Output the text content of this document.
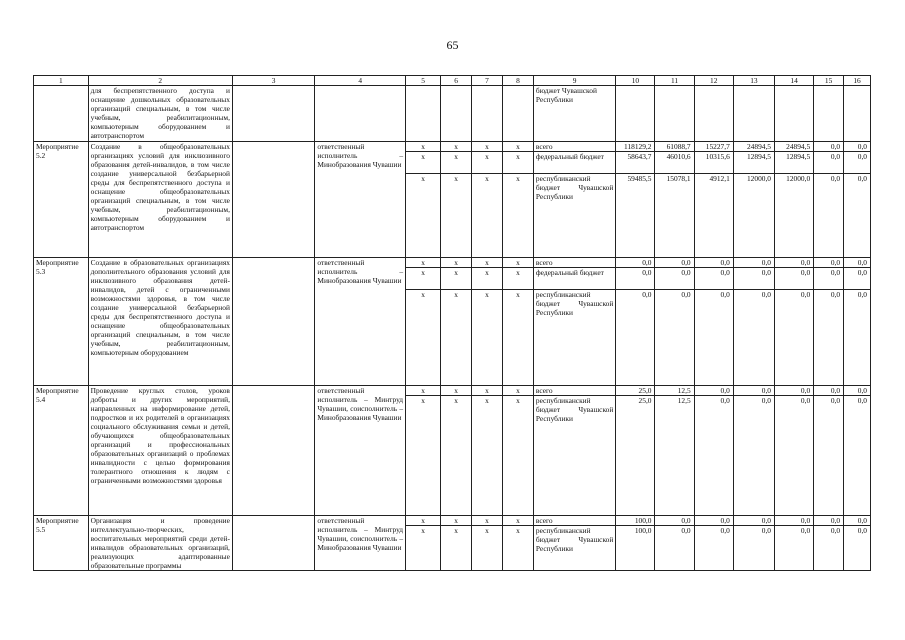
65
1	2	3	4	5	6	7	8	9	10	11	12	13	14	15	16
	для беспрепятственного доступа и оснащение дошкольных образовательных организаций специальным, в том числе учебным, реабилитационным, компьютерным оборудованием и автотранспортом							бюджет Чувашской Республики							
Мероприятие 5.2	Создание в общеобразовательных организациях условий для инклюзивного образования детей-инвалидов, в том числе создание универсальной безбарьерной среды для беспрепятственного доступа и оснащение общеобразовательных организаций специальным, в том числе учебным, реабилитационным, компьютерным оборудованием и автотранспортом		ответственный исполнитель – Минобразования Чувашии	x	x	x	x	всего	118129,2	61088,7	15227,7	24894,5	24894,5	0,0	0,0
				x	x	x	x	федеральный бюджет	58643,7	46010,6	10315,6	12894,5	12894,5	0,0	0,0
				x	x	x	x	республиканский бюджет Чувашской Республики	59485,5	15078,1	4912,1	12000,0	12000,0	0,0	0,0
Мероприятие 5.3	Создание в образовательных организациях дополнительного образования условий для инклюзивного образования детей-инвалидов, детей с ограниченными возможностями здоровья, в том числе создание универсальной безбарьерной среды для беспрепятственного доступа и оснащение общеобразовательных организаций специальным, в том числе учебным, реабилитационным, компьютерным оборудованием		ответственный исполнитель – Минобразования Чувашии	x	x	x	x	всего	0,0	0,0	0,0	0,0	0,0	0,0	0,0
				x	x	x	x	федеральный бюджет	0,0	0,0	0,0	0,0	0,0	0,0	0,0
				x	x	x	x	республиканский бюджет Чувашской Республики	0,0	0,0	0,0	0,0	0,0	0,0	0,0
Мероприятие 5.4	Проведение круглых столов, уроков доброты и других мероприятий, направленных на информирование детей, подростков и их родителей в организациях социального обслуживания семьи и детей, обучающихся общеобразовательных организаций и профессиональных образовательных организаций о проблемах инвалидности с целью формирования толерантного отношения к людям с ограниченными возможностями здоровья		ответственный исполнитель – Минтруд Чувашии, соисполнитель – Минобразования Чувашии	x	x	x	x	всего	25,0	12,5	0,0	0,0	0,0	0,0	0,0
				x	x	x	x	республиканский бюджет Чувашской Республики	25,0	12,5	0,0	0,0	0,0	0,0	0,0
Мероприятие 5.5	Организация и проведение интеллектуально-творческих, воспитательных мероприятий среди детей-инвалидов образовательных организаций, реализующих адаптированные образовательные программы		ответственный исполнитель – Минтруд Чувашии, соисполнитель – Минобразования Чувашии	x	x	x	x	всего	100,0	0,0	0,0	0,0	0,0	0,0	0,0
				x	x	x	x	республиканский бюджет Чувашской Республики	100,0	0,0	0,0	0,0	0,0	0,0	0,0
